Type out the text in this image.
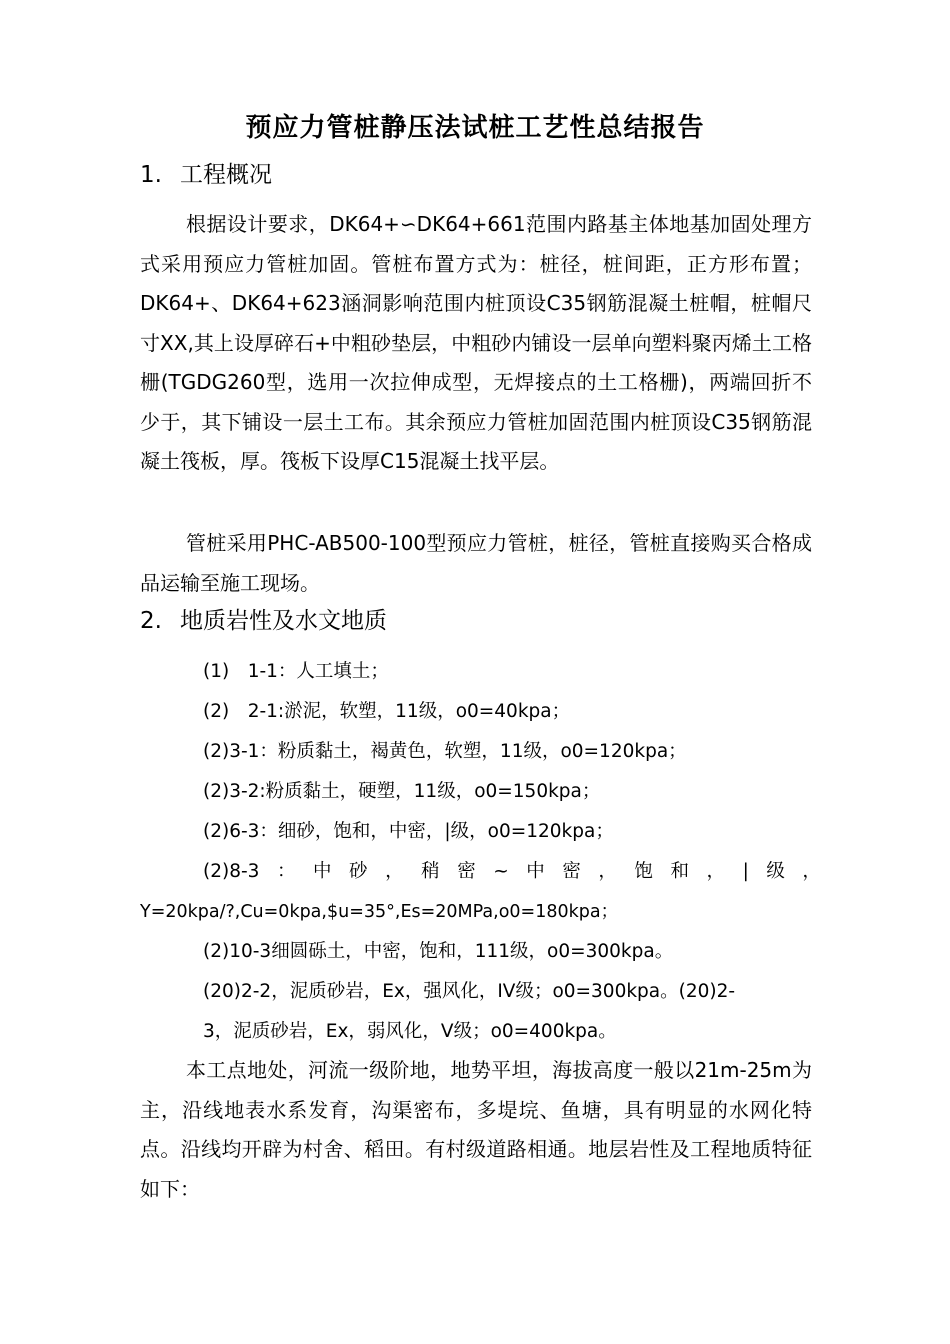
预应力管桩静压法试桩工艺性总结报告
1. 工程概况

根据设计要求，DK64+∽DK64+661范围内路基主体地基加固处理方式采用预应力管桩加固。管桩布置方式为：桩径，桩间距，正方形布置；DK64+、DK64+623涵洞影响范围内桩顶设C35钢筋混凝土桩帽，桩帽尺寸XX,其上设厚碎石+中粗砂垫层，中粗砂内铺设一层单向塑料聚丙烯土工格栅(TGDG260型，选用一次拉伸成型，无焊接点的土工格栅)，两端回折不少于，其下铺设一层土工布。其余预应力管桩加固范围内桩顶设C35钢筋混凝土筏板，厚。筏板下设厚C15混凝土找平层。

管桩采用PHC-AB500-100型预应力管桩，桩径，管桩直接购买合格成品运输至施工现场。

2. 地质岩性及水文地质
(1)　1-1：人工填土；
(2)　2-1:淤泥，软塑，11级，o0=40kpa；
(2)3-1：粉质黏土，褐黄色，软塑，11级，o0=120kpa；
(2)3-2:粉质黏土，硬塑，11级，o0=150kpa；
(2)6-3：细砂，饱和，中密，|级，o0=120kpa；
(2)8-3 ： 中 砂 ， 稍 密 ~ 中 密 ， 饱 和 ， | 级 ，
Y=20kpa/?,Cu=0kpa,$u=35°,Es=20MPa,o0=180kpa；
(2)10-3细圆砾土，中密，饱和，111级，o0=300kpa。
(20)2-2，泥质砂岩，Ex，强风化，IV级；o0=300kpa。(20)2-
3，泥质砂岩，Ex，弱风化，V级；o0=400kpa。

本工点地处，河流一级阶地，地势平坦，海拔高度一般以21m-25m为主，沿线地表水系发育，沟渠密布，多堤垸、鱼塘，具有明显的水网化特点。沿线均开辟为村舍、稻田。有村级道路相通。地层岩性及工程地质特征如下：
